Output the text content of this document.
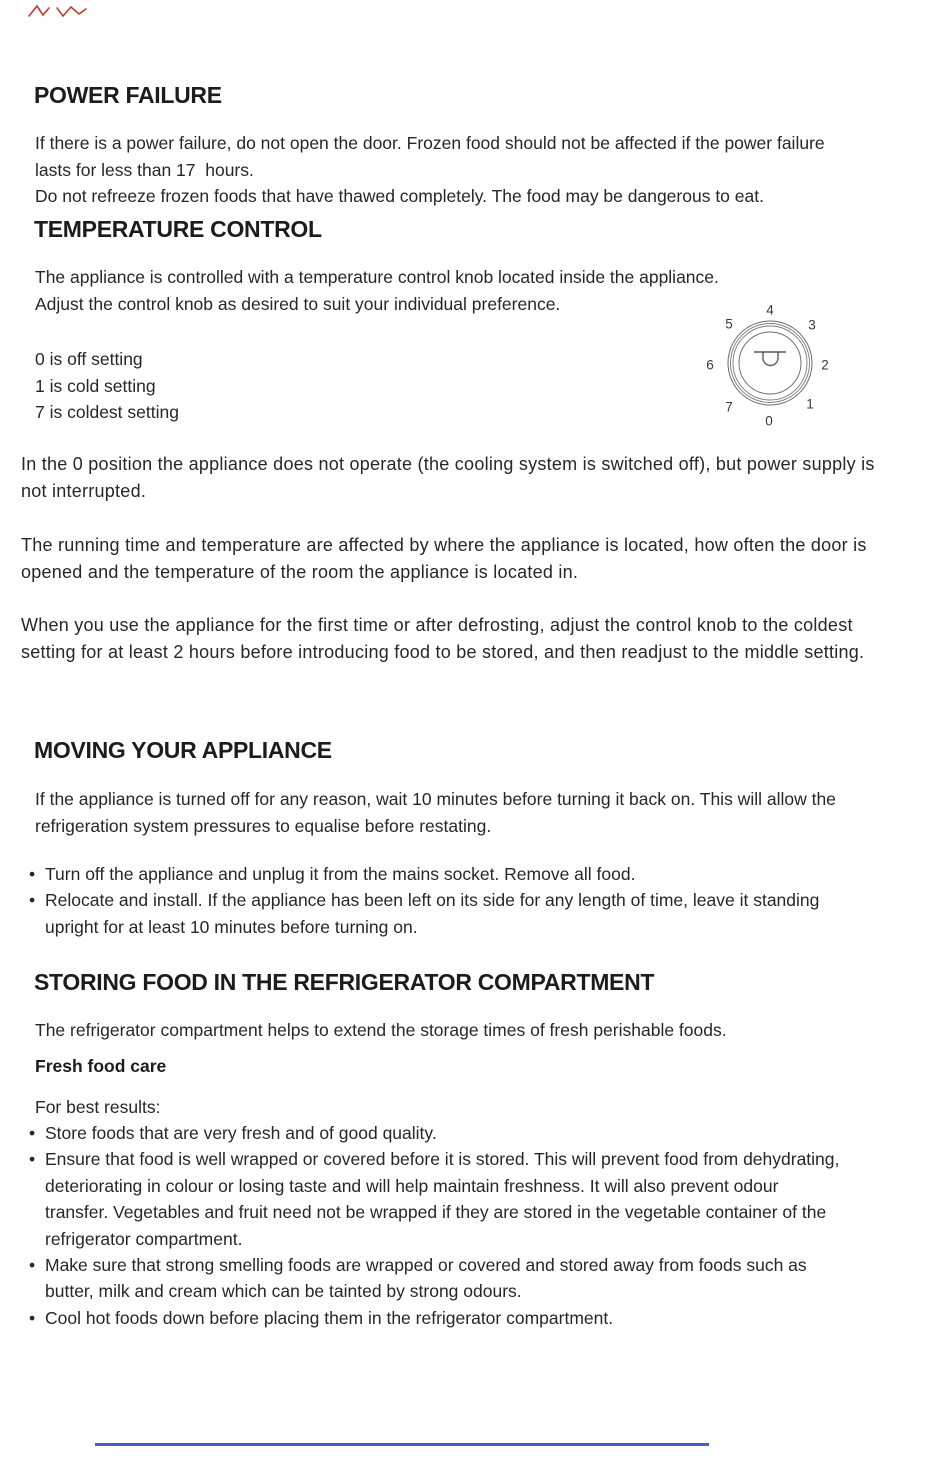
POWER FAILURE
If there is a power failure, do not open the door. Frozen food should not be affected if the power failure
lasts for less than 17  hours.
Do not refreeze frozen foods that have thawed completely. The food may be dangerous to eat.
TEMPERATURE CONTROL
The appliance is controlled with a temperature control knob located inside the appliance.
Adjust the control knob as desired to suit your individual preference.
0 is off setting
1 is cold setting
7 is coldest setting
4
3
2
1
0
7
6
5
In the 0 position the appliance does not operate (the cooling system is switched off), but power supply is
not interrupted.
The running time and temperature are affected by where the appliance is located, how often the door is
opened and the temperature of the room the appliance is located in.
When you use the appliance for the first time or after defrosting, adjust the control knob to the coldest
setting for at least 2 hours before introducing food to be stored, and then readjust to the middle setting.
MOVING YOUR APPLIANCE
If the appliance is turned off for any reason, wait 10 minutes before turning it back on. This will allow the
refrigeration system pressures to equalise before restating.
• Turn off the appliance and unplug it from the mains socket. Remove all food.
• Relocate and install. If the appliance has been left on its side for any length of time, leave it standing
upright for at least 10 minutes before turning on.
STORING FOOD IN THE REFRIGERATOR COMPARTMENT
The refrigerator compartment helps to extend the storage times of fresh perishable foods.
Fresh food care
For best results:
• Store foods that are very fresh and of good quality.
• Ensure that food is well wrapped or covered before it is stored. This will prevent food from dehydrating,
deteriorating in colour or losing taste and will help maintain freshness. It will also prevent odour
transfer. Vegetables and fruit need not be wrapped if they are stored in the vegetable container of the
refrigerator compartment.
• Make sure that strong smelling foods are wrapped or covered and stored away from foods such as
butter, milk and cream which can be tainted by strong odours.
• Cool hot foods down before placing them in the refrigerator compartment.
